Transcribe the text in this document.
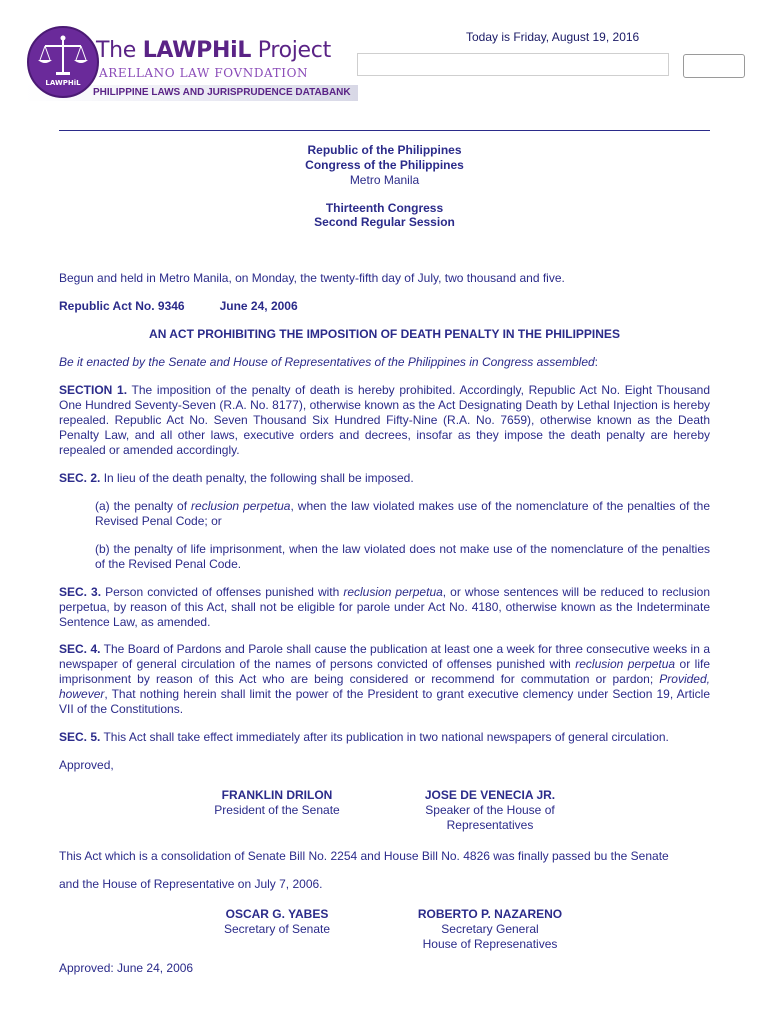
PHILIPPINE LAWS AND JURISPRUDENCE DATABANK
LAWPHiL
The LAWPHiL Project
ARELLANO LAW FOVNDATION
Today is Friday, August 19, 2016
Republic of the Philippines
Congress of the Philippines
Metro Manila
Thirteenth Congress
Second Regular Session
Begun and held in Metro Manila, on Monday, the twenty-fifth day of July, two thousand and five.
Republic Act No. 9346	June 24, 2006
AN ACT PROHIBITING THE IMPOSITION OF DEATH PENALTY IN THE PHILIPPINES
Be it enacted by the Senate and House of Representatives of the Philippines in Congress assembled:
SECTION 1. The imposition of the penalty of death is hereby prohibited. Accordingly, Republic Act No. Eight Thousand One Hundred Seventy-Seven (R.A. No. 8177), otherwise known as the Act Designating Death by Lethal Injection is hereby repealed. Republic Act No. Seven Thousand Six Hundred Fifty-Nine (R.A. No. 7659), otherwise known as the Death Penalty Law, and all other laws, executive orders and decrees, insofar as they impose the death penalty are hereby repealed or amended accordingly.
SEC. 2. In lieu of the death penalty, the following shall be imposed.
(a) the penalty of reclusion perpetua, when the law violated makes use of the nomenclature of the penalties of the Revised Penal Code; or
(b) the penalty of life imprisonment, when the law violated does not make use of the nomenclature of the penalties of the Revised Penal Code.
SEC. 3. Person convicted of offenses punished with reclusion perpetua, or whose sentences will be reduced to reclusion perpetua, by reason of this Act, shall not be eligible for parole under Act No. 4180, otherwise known as the Indeterminate Sentence Law, as amended.
SEC. 4. The Board of Pardons and Parole shall cause the publication at least one a week for three consecutive weeks in a newspaper of general circulation of the names of persons convicted of offenses punished with reclusion perpetua or life imprisonment by reason of this Act who are being considered or recommend for commutation or pardon; Provided, however, That nothing herein shall limit the power of the President to grant executive clemency under Section 19, Article VII of the Constitutions.
SEC. 5. This Act shall take effect immediately after its publication in two national newspapers of general circulation.
Approved,
FRANKLIN DRILON
President of the Senate
JOSE DE VENECIA JR.
Speaker of the House of
Representatives
This Act which is a consolidation of Senate Bill No. 2254 and House Bill No. 4826 was finally passed bu the Senate
and the House of Representative on July 7, 2006.
OSCAR G. YABES
Secretary of Senate
ROBERTO P. NAZARENO
Secretary General
House of Represenatives
Approved: June 24, 2006
